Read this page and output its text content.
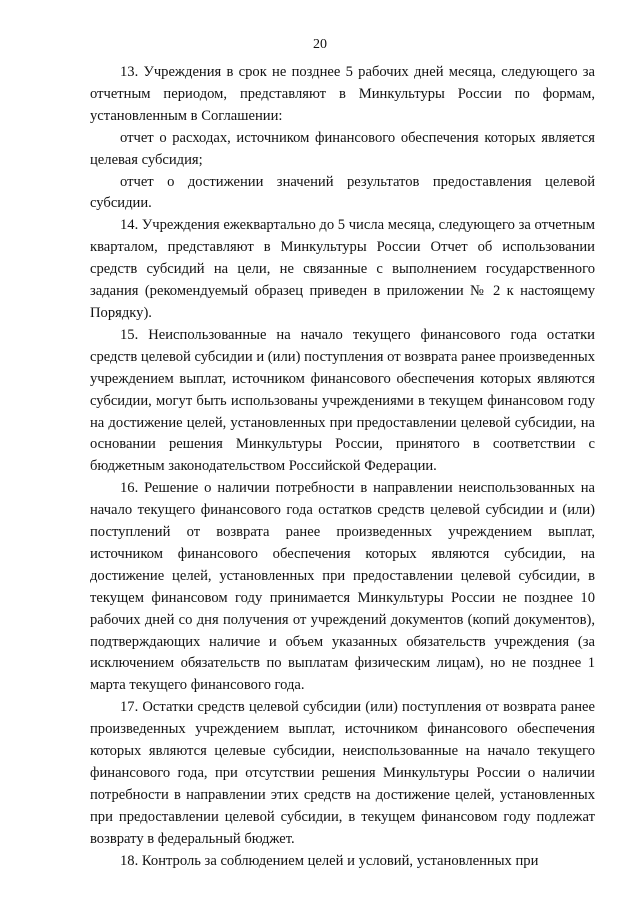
20

13. Учреждения в срок не позднее 5 рабочих дней месяца, следующего за отчетным периодом, представляют в Минкультуры России по формам, установленным в Соглашении:

отчет о расходах, источником финансового обеспечения которых является целевая субсидия;

отчет о достижении значений результатов предоставления целевой субсидии.

14. Учреждения ежеквартально до 5 числа месяца, следующего за отчетным кварталом, представляют в Минкультуры России Отчет об использовании средств субсидий на цели, не связанные с выполнением государственного задания (рекомендуемый образец приведен в приложении № 2 к настоящему Порядку).

15. Неиспользованные на начало текущего финансового года остатки средств целевой субсидии и (или) поступления от возврата ранее произведенных учреждением выплат, источником финансового обеспечения которых являются субсидии, могут быть использованы учреждениями в текущем финансовом году на достижение целей, установленных при предоставлении целевой субсидии, на основании решения Минкультуры России, принятого в соответствии с бюджетным законодательством Российской Федерации.

16. Решение о наличии потребности в направлении неиспользованных на начало текущего финансового года остатков средств целевой субсидии и (или) поступлений от возврата ранее произведенных учреждением выплат, источником финансового обеспечения которых являются субсидии, на достижение целей, установленных при предоставлении целевой субсидии, в текущем финансовом году принимается Минкультуры России не позднее 10 рабочих дней со дня получения от учреждений документов (копий документов), подтверждающих наличие и объем указанных обязательств учреждения (за исключением обязательств по выплатам физическим лицам), но не позднее 1 марта текущего финансового года.

17. Остатки средств целевой субсидии (или) поступления от возврата ранее произведенных учреждением выплат, источником финансового обеспечения которых являются целевые субсидии, неиспользованные на начало текущего финансового года, при отсутствии решения Минкультуры России о наличии потребности в направлении этих средств на достижение целей, установленных при предоставлении целевой субсидии, в текущем финансовом году подлежат возврату в федеральный бюджет.

18. Контроль за соблюдением целей и условий, установленных при
